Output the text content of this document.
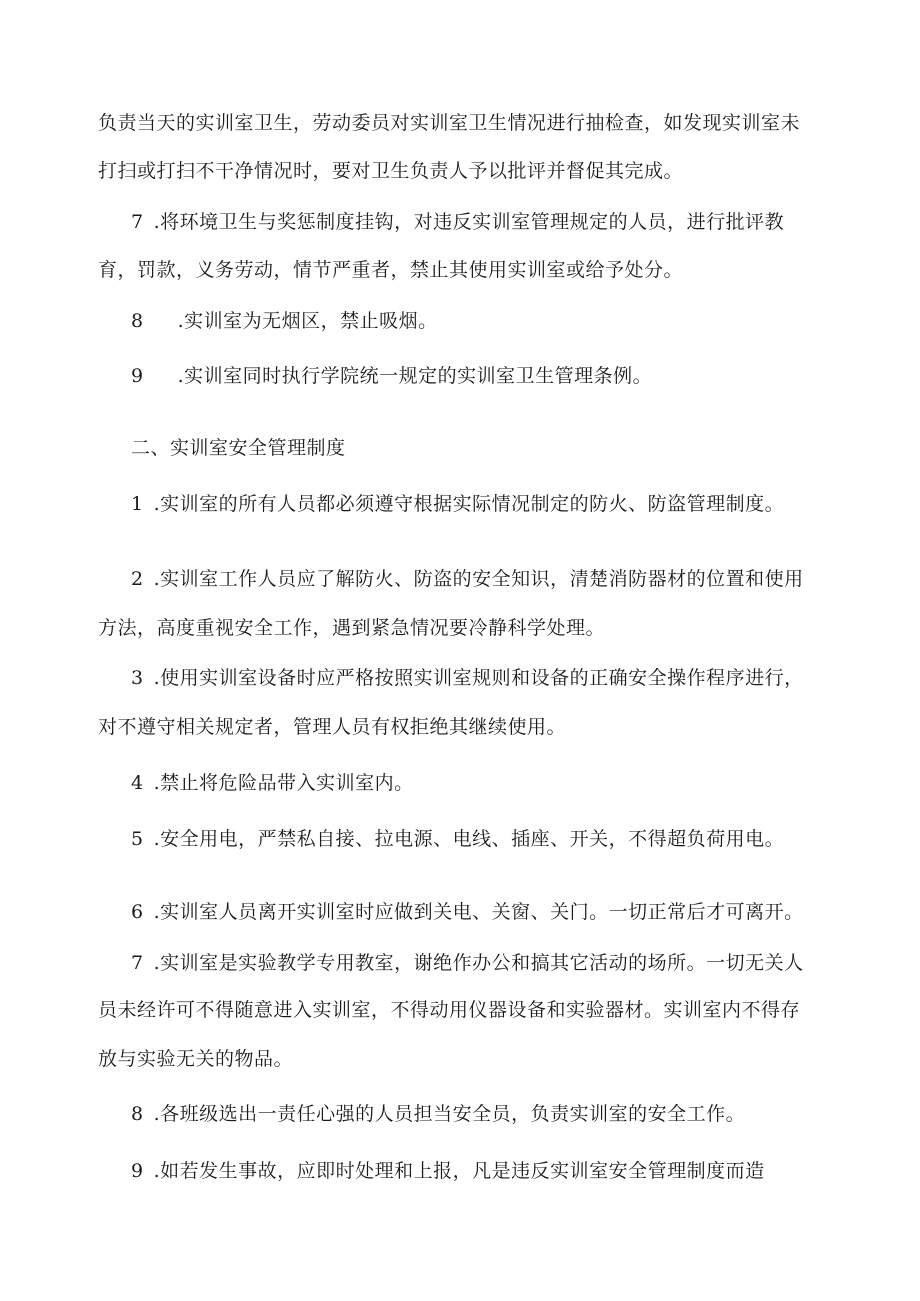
负责当天的实训室卫生，劳动委员对实训室卫生情况进行抽检查，如发现实训室未
打扫或打扫不干净情况时，要对卫生负责人予以批评并督促其完成。
7 .将环境卫生与奖惩制度挂钩，对违反实训室管理规定的人员，进行批评教
育，罚款，义务劳动，情节严重者，禁止其使用实训室或给予处分。
8 .实训室为无烟区，禁止吸烟。
9 .实训室同时执行学院统一规定的实训室卫生管理条例。
二、实训室安全管理制度
1 .实训室的所有人员都必须遵守根据实际情况制定的防火、防盗管理制度。
2 .实训室工作人员应了解防火、防盗的安全知识，清楚消防器材的位置和使用
方法，高度重视安全工作，遇到紧急情况要冷静科学处理。
3 .使用实训室设备时应严格按照实训室规则和设备的正确安全操作程序进行，
对不遵守相关规定者，管理人员有权拒绝其继续使用。
4 .禁止将危险品带入实训室内。
5 .安全用电，严禁私自接、拉电源、电线、插座、开关，不得超负荷用电。
6 .实训室人员离开实训室时应做到关电、关窗、关门。一切正常后才可离开。
7 .实训室是实验教学专用教室，谢绝作办公和搞其它活动的场所。一切无关人
员未经许可不得随意进入实训室，不得动用仪器设备和实验器材。实训室内不得存
放与实验无关的物品。
8 .各班级选出一责任心强的人员担当安全员，负责实训室的安全工作。
9 .如若发生事故，应即时处理和上报，凡是违反实训室安全管理制度而造
